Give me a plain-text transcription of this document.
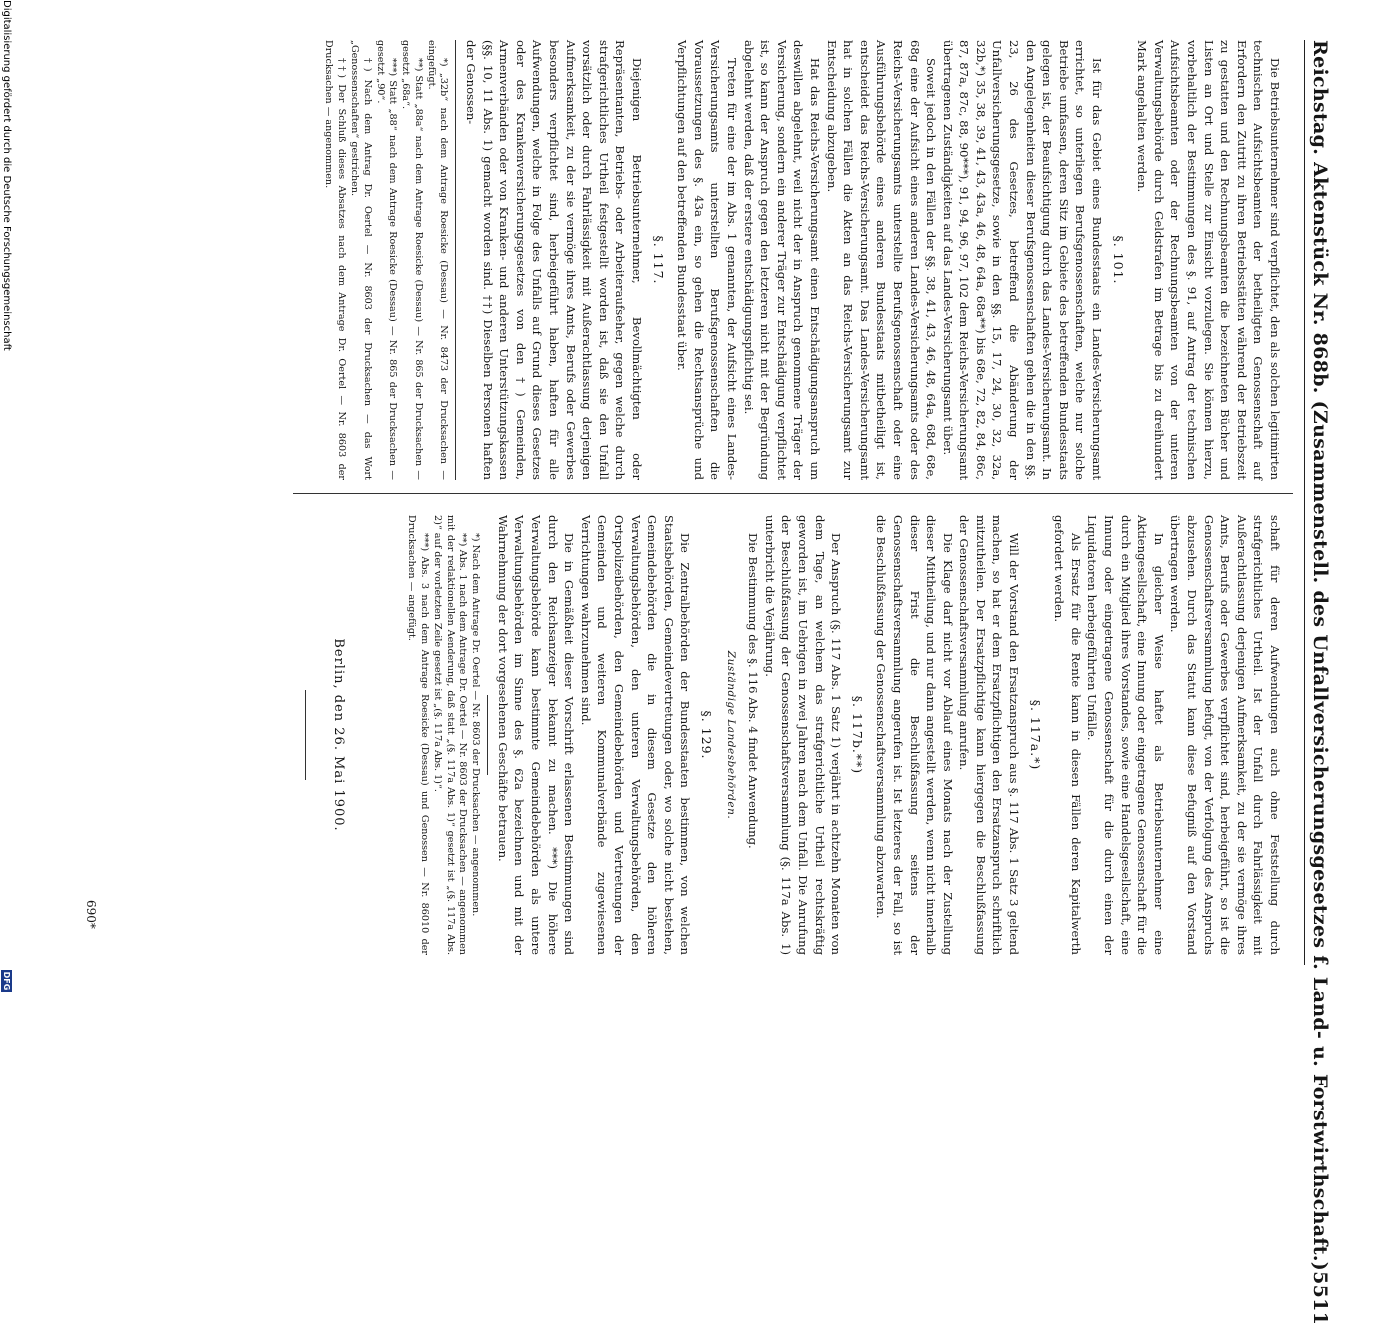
Reichstag. Aktenstück Nr. 868b. (Zusammenstell. des Unfallversicherungsgesetzes f. Land- u. Forstwirthschaft.)
5511

Die Betriebsunternehmer sind verpflichtet, den als solchen legitimirten technischen Aufsichtsbeamten der betheiligten Genossenschaft auf Erfordern den Zutritt zu ihren Betriebsstätten während der Betriebszeit zu gestatten und den Rechnungsbeamten die bezeichneten Bücher und Listen an Ort und Stelle zur Einsicht vorzulegen. Sie können hierzu, vorbehaltlich der Bestimmungen des §. 91, auf Antrag der technischen Aufsichtsbeamten oder der Rechnungsbeamten von der unteren Verwaltungsbehörde durch Geldstrafen im Betrage bis zu dreihundert Mark angehalten werden.

§. 101.

Ist für das Gebiet eines Bundesstaats ein Landes-Versicherungsamt errichtet, so unterliegen Berufsgenossenschaften, welche nur solche Betriebe umfassen, deren Sitz im Gebiete des betreffenden Bundesstaats gelegen ist, der Beaufsichtigung durch das Landes-Versicherungsamt. In den Angelegenheiten dieser Berufsgenossenschaften gehen die in den §§. 23, 26 des Gesetzes, betreffend die Abänderung der Unfallversicherungsgesetze, sowie in den §§. 15, 17, 24, 30, 32, 32a, 32b,*) 35, 38, 39, 41, 43, 43a, 46, 48, 64a, 68a**) bis 68e, 72, 82, 84, 86c, 87, 87a, 87c, 88, 90***), 91, 94, 96, 97, 102 dem Reichs-Versicherungsamt übertragenen Zuständigkeiten auf das Landes-Versicherungsamt über.

Soweit jedoch in den Fällen der §§. 38, 41, 43, 46, 48, 64a, 68d, 68e, 68g eine der Aufsicht eines anderen Landes-Versicherungsamts oder des Reichs-Versicherungsamts unterstellte Berufsgenossenschaft oder eine Ausführungsbehörde eines anderen Bundesstaats mitbetheiligt ist, entscheidet das Reichs-Versicherungsamt. Das Landes-Versicherungsamt hat in solchen Fällen die Akten an das Reichs-Versicherungsamt zur Entscheidung abzugeben.

Hat das Reichs-Versicherungsamt einen Entschädigungsanspruch um deswillen abgelehnt, weil nicht der in Anspruch genommene Träger der Versicherung, sondern ein anderer Träger zur Entschädigung verpflichtet ist, so kann der Anspruch gegen den letzteren nicht mit der Begründung abgelehnt werden, daß der erstere entschädigungspflichtig sei.

Treten für eine der im Abs. 1 genannten, der Aufsicht eines Landes-Versicherungsamts unterstellten Berufsgenossenschaften die Voraussetzungen des §. 43a ein, so gehen die Rechtsansprüche und Verpflichtungen auf den betreffenden Bundesstaat über.

§. 117.

Diejenigen Betriebsunternehmer, Bevollmächtigten oder Repräsentanten, Betriebs- oder Arbeiteraufseher, gegen welche durch strafgerichtliches Urtheil festgestellt worden ist, daß sie den Unfall vorsätzlich oder durch Fahrlässigkeit mit Außerachtlassung derjenigen Aufmerksamkeit, zu der sie vermöge ihres Amts, Berufs oder Gewerbes besonders verpflichtet sind, herbeigeführt haben, haften für alle Aufwendungen, welche in Folge des Unfalls auf Grund dieses Gesetzes oder des Krankenversicherungsgesetzes von den †) Gemeinden, Armenverbänden oder von Kranken- und anderen Unterstützungskassen (§§. 10, 11 Abs. 1) gemacht worden sind. ††) Dieselben Personen haften der Genossen-

*) „32b“ nach dem Antrage Roesicke (Dessau) — Nr. 8473 der Drucksachen — eingefügt.

**) Statt „88a“ nach dem Antrage Roesicke (Dessau) — Nr. 865 der Drucksachen — gesetzt „68a“.

***) Statt „88“ nach dem Antrage Roesicke (Dessau) — Nr. 865 der Drucksachen — gesetzt „90“.

†) Nach dem Antrag Dr. Oertel — Nr. 8603 der Drucksachen — das Wort „Genossenschaften“ gestrichen.

††) Der Schluß dieses Absatzes nach dem Antrage Dr. Oertel — Nr. 8603 der Drucksachen — angenommen.

schaft für deren Aufwendungen auch ohne Feststellung durch strafgerichtliches Urtheil. Ist der Unfall durch Fahrlässigkeit mit Außerachtlassung derjenigen Aufmerksamkeit, zu der sie vermöge ihres Amts, Berufs oder Gewerbes verpflichtet sind, herbeigeführt, so ist die Genossenschaftsversammlung befugt, von der Verfolgung des Anspruchs abzusehen. Durch das Statut kann diese Befugniß auf den Vorstand übertragen werden.

In gleicher Weise haftet als Betriebsunternehmer eine Aktiengesellschaft, eine Innung oder eingetragene Genossenschaft für die durch ein Mitglied ihres Vorstandes, sowie eine Handelsgesellschaft, eine Innung oder eingetragene Genossenschaft für die durch einen der Liquidatoren herbeigeführten Unfälle.

Als Ersatz für die Rente kann in diesen Fällen deren Kapitalwerth gefordert werden.

§. 117a.*)

Will der Vorstand den Ersatzanspruch aus §. 117 Abs. 1 Satz 3 geltend machen, so hat er dem Ersatzpflichtigen den Ersatzanspruch schriftlich mitzutheilen. Der Ersatzpflichtige kann hiergegen die Beschlußfassung der Genossenschaftsversammlung anrufen.

Die Klage darf nicht vor Ablauf eines Monats nach der Zustellung dieser Mittheilung, und nur dann angestellt werden, wenn nicht innerhalb dieser Frist die Beschlußfassung seitens der Genossenschaftsversammlung angerufen ist. Ist letzteres der Fall, so ist die Beschlußfassung der Genossenschaftsversammlung abzuwarten.

§. 117b.**)

Der Anspruch (§. 117 Abs. 1 Satz 1) verjährt in achtzehn Monaten von dem Tage, an welchem das strafgerichtliche Urtheil rechtskräftig geworden ist, im Uebrigen in zwei Jahren nach dem Unfall. Die Anrufung der Beschlußfassung der Genossenschaftsversammlung (§. 117a Abs. 1) unterbricht die Verjährung.

Die Bestimmung des §. 116 Abs. 4 findet Anwendung.

Zuständige Landesbehörden.
§. 129.

Die Zentralbehörden der Bundesstaaten bestimmen, von welchen Staatsbehörden, Gemeindevertretungen oder, wo solche nicht bestehen, Gemeindebehörden die in diesem Gesetze den höheren Verwaltungsbehörden, den unteren Verwaltungsbehörden, den Ortspolizeibehörden, den Gemeindebehörden und Vertretungen der Gemeinden und weiteren Kommunalverbände zugewiesenen Verrichtungen wahrzunehmen sind.

Die in Gemäßheit dieser Vorschrift erlassenen Bestimmungen sind durch den Reichsanzeiger bekannt zu machen. ***) Die höhere Verwaltungsbehörde kann bestimmte Gemeindebehörden als untere Verwaltungsbehörden im Sinne des §. 62a bezeichnen und mit der Wahrnehmung der dort vorgesehenen Geschäfte betrauen.

*) Nach dem Antrage Dr. Oertel — Nr. 8603 der Drucksachen — angenommen.

**) Abs. 1 nach dem Antrage Dr. Oertel — Nr. 8603 der Drucksachen — angenommen mit der redaktionellen Aenderung, daß statt „(§. 117a Abs. 1)“ gesetzt ist „(§. 117a Abs. 2)“ auf der vorletzten Zeile gesetzt ist „(§. 117a Abs. 1)“.

***) Abs. 3 nach dem Antrage Roesicke (Dessau) und Genossen — Nr. 86010 der Drucksachen — angefügt.

Berlin, den 26. Mai 1900.
690*
Digitalisierung gefördert durch die Deutsche Forschungsgemeinschaft
DFG
